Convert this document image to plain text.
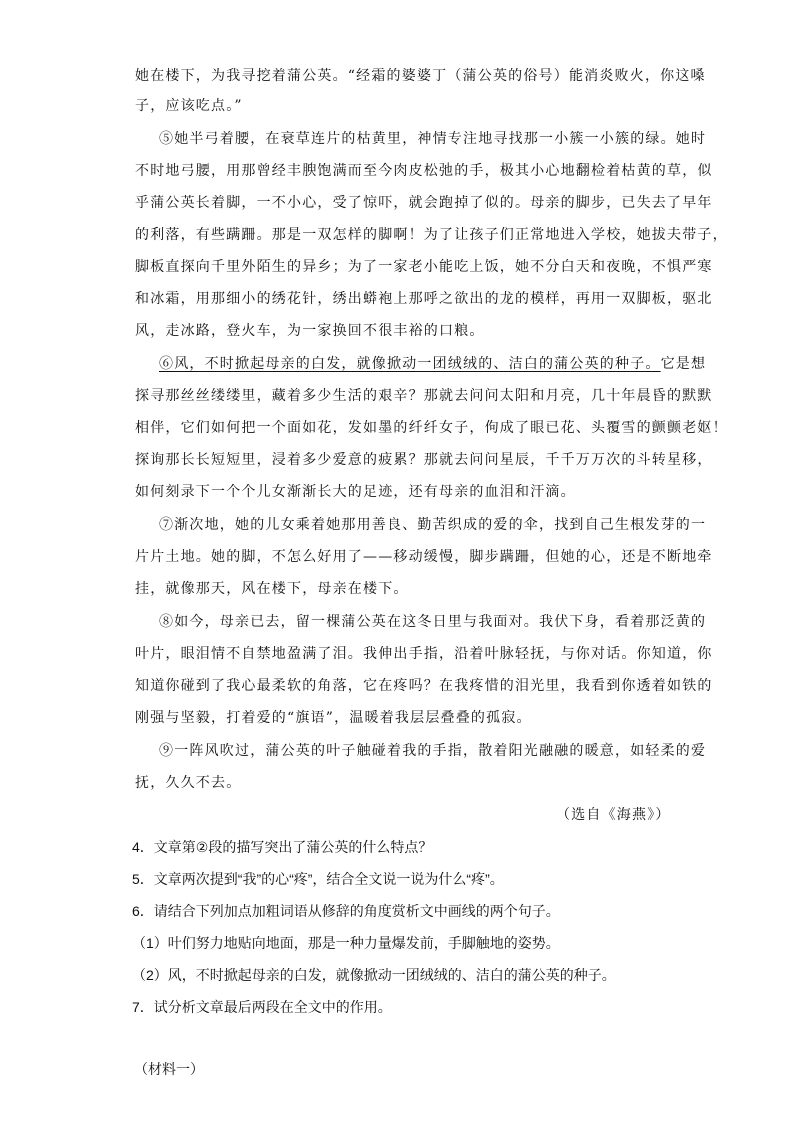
她在楼下，为我寻挖着蒲公英。“经霜的婆婆丁（蒲公英的俗号）能消炎败火，你这嗓
子，应该吃点。”
⑤她半弓着腰，在衰草连片的枯黄里，神情专注地寻找那一小簇一小簇的绿。她时
不时地弓腰，用那曾经丰腴饱满而至今肉皮松弛的手，极其小心地翻检着枯黄的草，似
乎蒲公英长着脚，一不小心，受了惊吓，就会跑掉了似的。母亲的脚步，已失去了早年
的利落，有些蹒跚。那是一双怎样的脚啊！为了让孩子们正常地进入学校，她拔夫带子，
脚板直探向千里外陌生的异乡；为了一家老小能吃上饭，她不分白天和夜晚，不惧严寒
和冰霜，用那细小的绣花针，绣出蟒袍上那呼之欲出的龙的模样，再用一双脚板，驱北
风，走冰路，登火车，为一家换回不很丰裕的口粮。
⑥风，不时掀起母亲的白发，就像掀动一团绒绒的、洁白的蒲公英的种子。它是想
探寻那丝丝缕缕里，藏着多少生活的艰辛？那就去问问太阳和月亮，几十年晨昏的默默
相伴，它们如何把一个面如花，发如墨的纤纤女子，佝成了眼已花、头覆雪的颤颤老妪！
探询那长长短短里，浸着多少爱意的疲累？那就去问问星辰，千千万万次的斗转星移，
如何刻录下一个个儿女渐渐长大的足迹，还有母亲的血泪和汗滴。
⑦渐次地，她的儿女乘着她那用善良、勤苦织成的爱的伞，找到自己生根发芽的一
片片土地。她的脚，不怎么好用了——移动缓慢，脚步蹒跚，但她的心，还是不断地牵
挂，就像那天，风在楼下，母亲在楼下。
⑧如今，母亲已去，留一棵蒲公英在这冬日里与我面对。我伏下身，看着那泛黄的
叶片，眼泪情不自禁地盈满了泪。我伸出手指，沿着叶脉轻抚，与你对话。你知道，你
知道你碰到了我心最柔软的角落，它在疼吗？在我疼惜的泪光里，我看到你透着如铁的
刚强与坚毅，打着爱的“旗语”，温暖着我层层叠叠的孤寂。
⑨一阵风吹过，蒲公英的叶子触碰着我的手指，散着阳光融融的暖意，如轻柔的爱
抚，久久不去。
（选自《海燕》）
4．文章第②段的描写突出了蒲公英的什么特点？
5．文章两次提到“我”的心“疼”，结合全文说一说为什么“疼”。
6．请结合下列加点加粗词语从修辞的角度赏析文中画线的两个句子。
（1）叶们努力地贴向地面，那是一种力量爆发前，手脚触地的姿势。
（2）风，不时掀起母亲的白发，就像掀动一团绒绒的、洁白的蒲公英的种子。
7．试分析文章最后两段在全文中的作用。
（材料一）
